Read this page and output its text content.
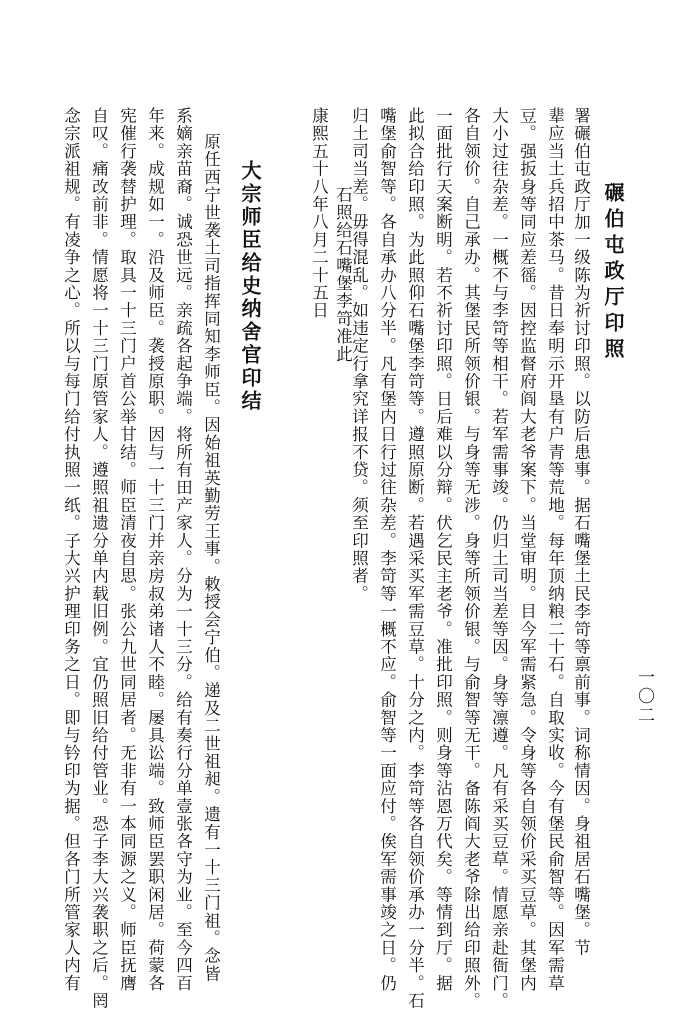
一〇二
碾伯屯政厅印照
署碾伯屯政厅加一级陈为祈讨印照。以防后患事。据石嘴堡土民李笴等禀前事。词称情因。身祖居石嘴堡。节
辈应当土兵招中茶马。昔日奉明示开垦有户青等荒地。每年顶纳粮二十石。自取实收。今有堡民俞智等。因军需草
豆。强扳身等同应差徭。因控监督府阎大老爷案下。当堂审明。目今军需紧急。令身等各自领价采买豆草。其堡内
大小过往杂差。一概不与李笴等相干。若军需事竣。仍归土司当差等因。身等凛遵。凡有采买豆草。情愿亲赴衙门。
各自领价。自己承办。其堡民所领价银。与身等无涉。身等所领价银。与俞智等无干。备陈阎大老爷除出给印照外。
一面批行天案断明。若不祈讨印照。日后难以分辩。伏乞民主老爷。准批印照。则身等沾恩万代矣。等情到厅。据
此拟合给印照。为此照仰石嘴堡李笴等。遵照原断。若遇采买军需豆草。十分之内。李笴等各自领价承办一分半。石
嘴堡俞智等。各自承办八分半。凡有堡内日行过往杂差。李笴等一概不应。俞智等一面应付。俟军需事竣之日。仍
归土司当差。毋得混乱。如违定行拿究详报不贷。须至印照者。
石照给石嘴堡李笴准此
康熙五十八年八月二十五日
大宗师臣给史纳舍官印结
原任西宁世袭土司指挥同知李师臣。因始祖英勤劳王事。敕授会宁伯。递及二世祖昶。遗有一十三门祖。念皆
系嫡亲苗裔。诚恐世远。亲疏各起争端。将所有田产家人。分为一十三分。给有奏行分单壹张各守为业。至今四百
年来。成规如一。沿及师臣。袭授原职。因与一十三门并亲房叔弟诸人不睦。屡具讼端。致师臣罢职闲居。荷蒙各
宪催行袭替护理。取具一十三门户首公举甘结。师臣清夜自思。张公九世同居者。无非有一本同源之义。师臣抚膺
自叹。痛改前非。情愿将一十三门原管家人。遵照祖遗分单内载旧例。宜仍照旧给付管业。恐子李大兴袭职之后。罔
念宗派祖规。有凌争之心。所以与每门给付执照一纸。子大兴护理印务之日。即与钤印为据。但各门所管家人内有
